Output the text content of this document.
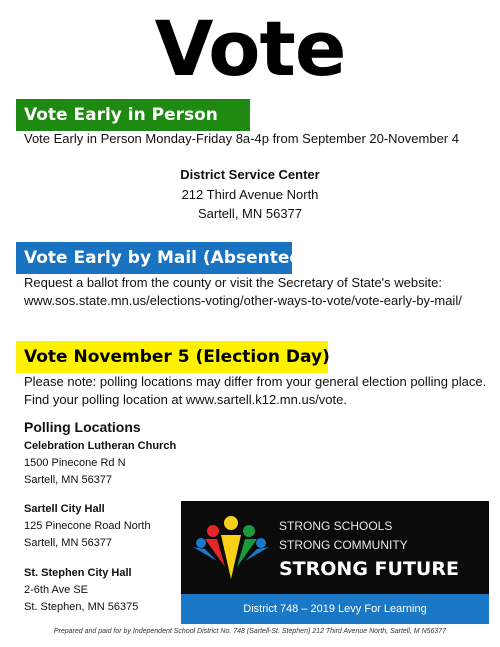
Vote
Vote Early in Person
Vote Early in Person Monday-Friday 8a-4p from September 20-November 4
District Service Center
212 Third Avenue North
Sartell, MN 56377
Vote Early by Mail (Absentee)
Request a ballot from the county or visit the Secretary of State's website:
www.sos.state.mn.us/elections-voting/other-ways-to-vote/vote-early-by-mail/
Vote November 5 (Election Day)
Please note: polling locations may differ from your general election polling place.
Find your polling location at www.sartell.k12.mn.us/vote.
Polling Locations
Celebration Lutheran Church
1500 Pinecone Rd N
Sartell, MN 56377
Sartell City Hall
125 Pinecone Road North
Sartell, MN 56377
St. Stephen City Hall
2-6th Ave SE
St. Stephen, MN 56375
STRONG SCHOOLS
STRONG COMMUNITY
STRONG FUTURE
District 748 – 2019 Levy For Learning
Prepared and paid for by Independent School District No. 748 (Sartell-St. Stephen) 212 Third Avenue North, Sartell, M N56377
